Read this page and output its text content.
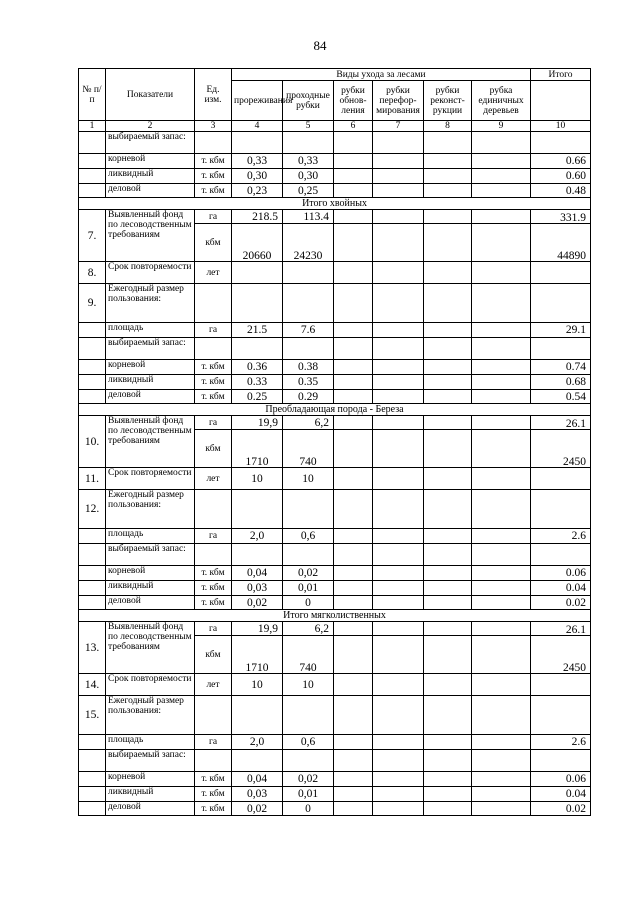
84
№ п/п	Показатели	Ед. изм.	Виды ухода за лесами						Итого
			прореживания	проходные рубки	рубки обнов-ления	рубки перефор-мирования	рубки реконст-рукции	рубка единичных деревьев	
1	2	3	4	5	6	7	8	9	10
	выбираемый запас:								
	корневой	т. кбм	0,33	0,33					0.66
	ликвидный	т. кбм	0,30	0,30					0.60
	деловой	т. кбм	0,23	0,25					0.48
Итого хвойных									
7.	Выявленный фонд по лесоводственным требованиям	га	218.5	113.4					331.9
		кбм	20660	24230					44890
8.	Срок повторяемости	лет							
9.	Ежегодный размер пользования:								
	площадь	га	21.5	7.6					29.1
	выбираемый запас:								
	корневой	т. кбм	0.36	0.38					0.74
	ликвидный	т. кбм	0.33	0.35					0.68
	деловой	т. кбм	0.25	0.29					0.54
Преобладающая порода - Береза									
10.	Выявленный фонд по лесоводственным требованиям	га	19,9	6,2					26.1
		кбм	1710	740					2450
11.	Срок повторяемости	лет	10	10					
12.	Ежегодный размер пользования:								
	площадь	га	2,0	0,6					2.6
	выбираемый запас:								
	корневой	т. кбм	0,04	0,02					0.06
	ликвидный	т. кбм	0,03	0,01					0.04
	деловой	т. кбм	0,02	0					0.02
Итого мягколиственных									
13.	Выявленный фонд по лесоводственным требованиям	га	19,9	6,2					26.1
		кбм	1710	740					2450
14.	Срок повторяемости	лет	10	10					
15.	Ежегодный размер пользования:								
	площадь	га	2,0	0,6					2.6
	выбираемый запас:								
	корневой	т. кбм	0,04	0,02					0.06
	ликвидный	т. кбм	0,03	0,01					0.04
	деловой	т. кбм	0,02	0					0.02
